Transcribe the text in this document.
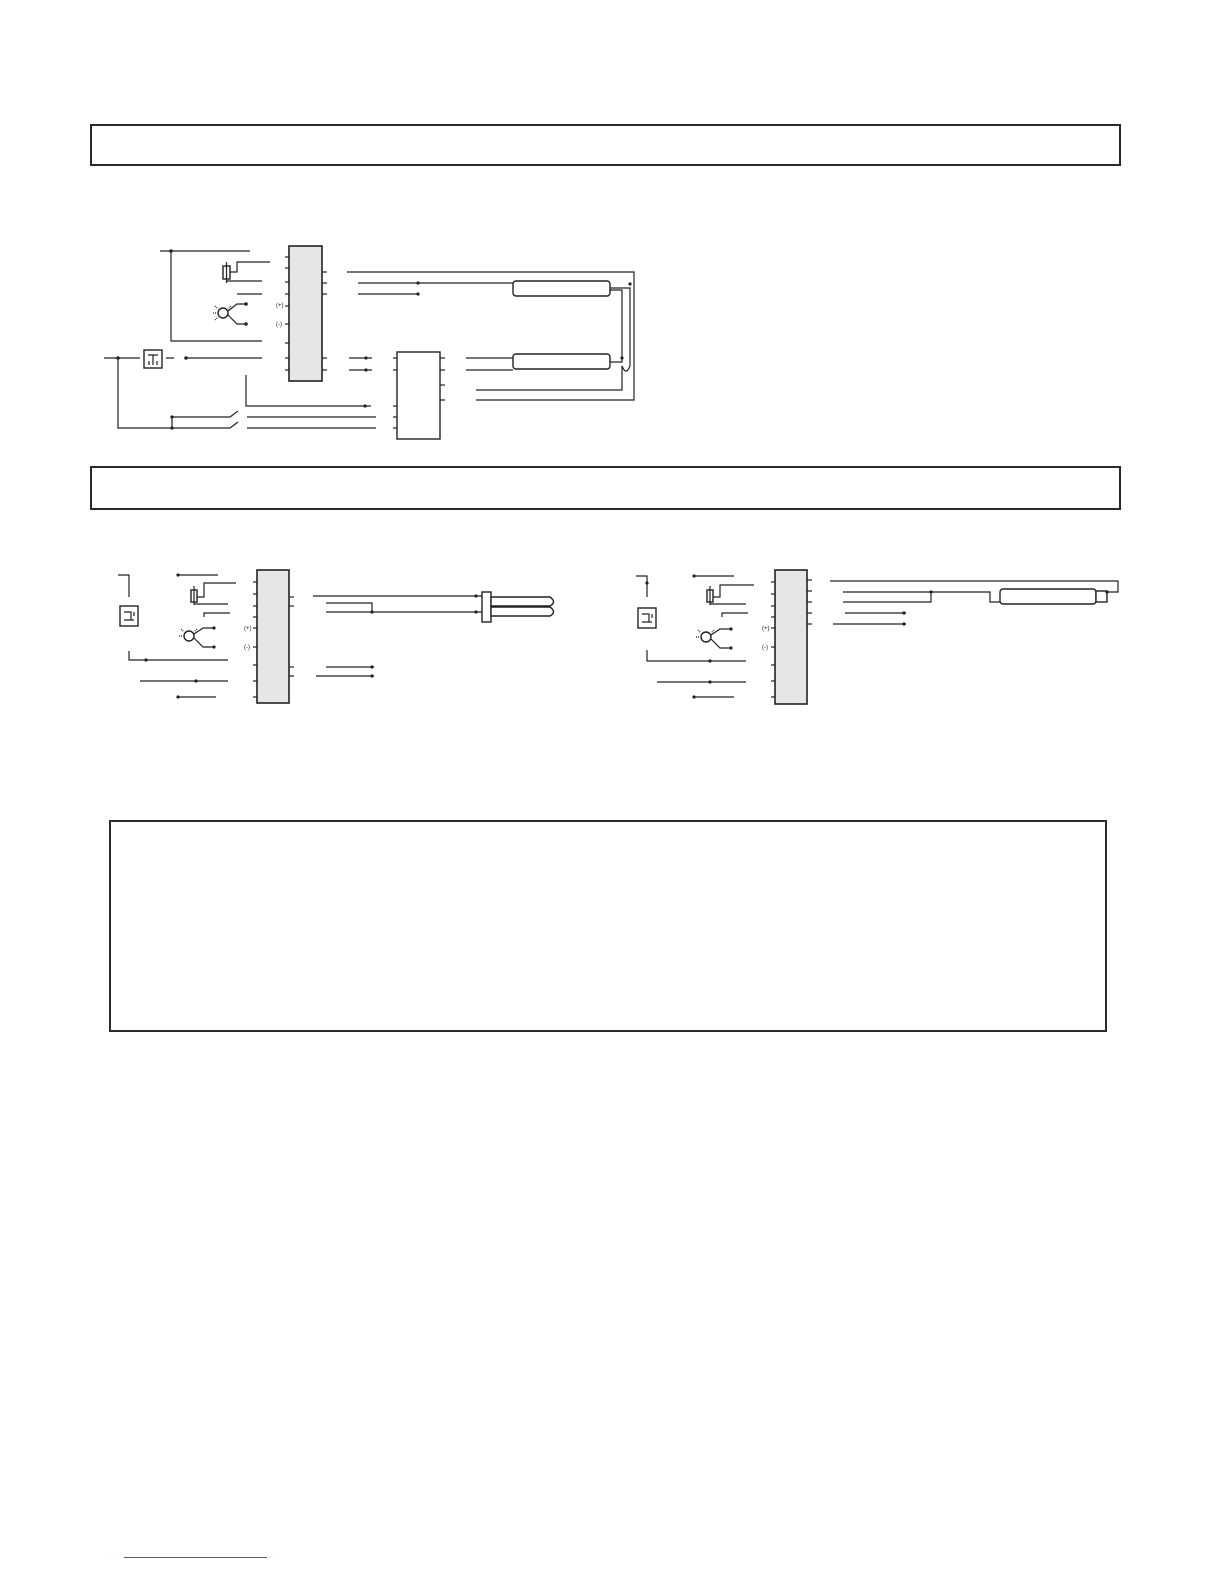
(+)
(-)
(+)
(-)
(+)
(-)
